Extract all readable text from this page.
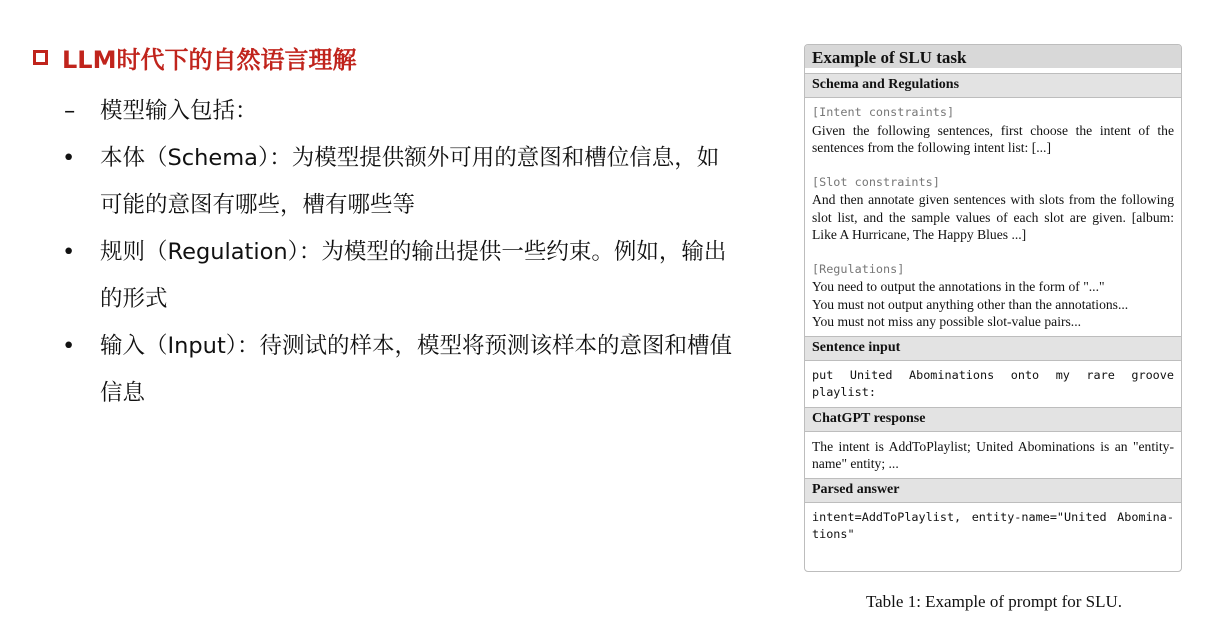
LLM时代下的自然语言理解
– 模型输入包括：
• 本体（Schema）：为模型提供额外可用的意图和槽位信息，如可能的意图有哪些，槽有哪些等
• 规则（Regulation）：为模型的输出提供一些约束。例如，输出的形式
• 输入（Input）：待测试的样本，模型将预测该样本的意图和槽值信息
Example of SLU task
Schema and Regulations

[Intent constraints]

Given the following sentences, first choose the intent of the sentences from the following intent list: [...]

[Slot constraints]

And then annotate given sentences with slots from the following slot list, and the sample values of each slot are given. [album: Like A Hurricane, The Happy Blues ...]

[Regulations]

You need to output the annotations in the form of "..."

You must not output anything other than the annotations...

You must not miss any possible slot-value pairs...

Sentence input

put United Abominations onto my rare groove playlist:

ChatGPT response

The intent is AddToPlaylist; United Abominations is an "entity-name" entity; ...

Parsed answer

intent=AddToPlaylist, entity-name="United Abomina-tions"

Table 1: Example of prompt for SLU.
